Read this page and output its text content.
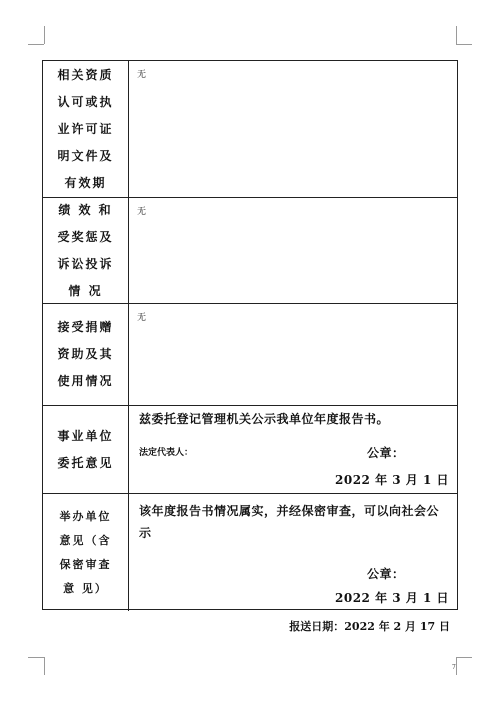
相关资质
认可或执
业许可证
明文件及
有效期
无
绩 效 和
受奖惩及
诉讼投诉
情 况
无
接受捐赠
资助及其
使用情况
无
事业单位
委托意见
兹委托登记管理机关公示我单位年度报告书。
法定代表人：	公章：
2022 年 3 月 1 日
举办单位
意见（含
保密审查
意 见）
该年度报告书情况属实，并经保密审查，可以向社会公示
公章：
2022 年 3 月 1 日
报送日期：2022 年 2 月 17 日
7
